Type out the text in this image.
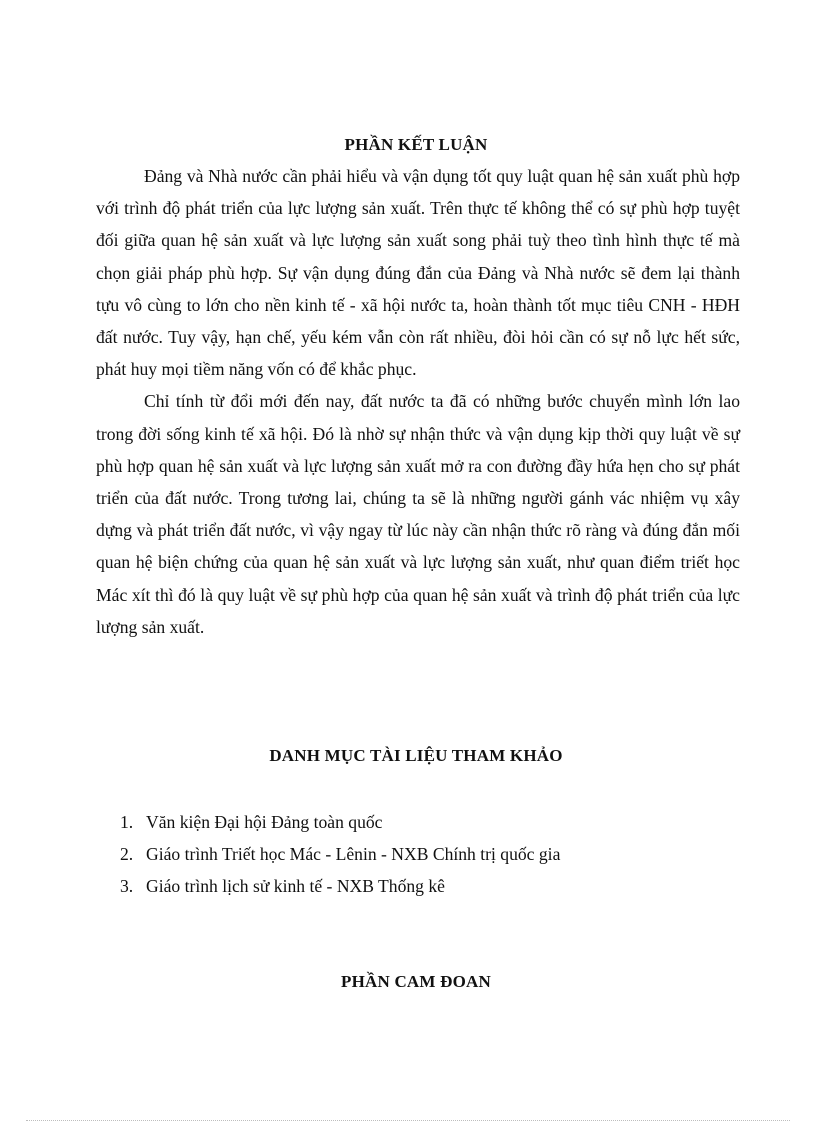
PHẦN KẾT LUẬN

Đảng và Nhà nước cần phải hiểu và vận dụng tốt quy luật quan hệ sản xuất phù hợp với trình độ phát triển của lực lượng sản xuất. Trên thực tế không thể có sự phù hợp tuyệt đối giữa quan hệ sản xuất và lực lượng sản xuất song phải tuỳ theo tình hình thực tế mà chọn giải pháp phù hợp. Sự vận dụng đúng đắn của Đảng và Nhà nước sẽ đem lại thành tựu vô cùng to lớn cho nền kinh tế - xã hội nước ta, hoàn thành tốt mục tiêu CNH - HĐH đất nước. Tuy vậy, hạn chế, yếu kém vẫn còn rất nhiều, đòi hỏi cần có sự nỗ lực hết sức, phát huy mọi tiềm năng vốn có để khắc phục.

Chỉ tính từ đổi mới đến nay, đất nước ta đã có những bước chuyển mình lớn lao trong đời sống kinh tế xã hội. Đó là nhờ sự nhận thức và vận dụng kịp thời quy luật về sự phù hợp quan hệ sản xuất và lực lượng sản xuất mở ra con đường đầy hứa hẹn cho sự phát triển của đất nước. Trong tương lai, chúng ta sẽ là những người gánh vác nhiệm vụ xây dựng và phát triển đất nước, vì vậy ngay từ lúc này cần nhận thức rõ ràng và đúng đắn mối quan hệ biện chứng của quan hệ sản xuất và lực lượng sản xuất, như quan điểm triết học Mác xít thì đó là quy luật về sự phù hợp của quan hệ sản xuất và trình độ phát triển của lực lượng sản xuất.

DANH MỤC TÀI LIỆU THAM KHẢO
1. Văn kiện Đại hội Đảng toàn quốc
2. Giáo trình Triết học Mác - Lênin - NXB Chính trị quốc gia
3. Giáo trình lịch sử kinh tế - NXB Thống kê
PHẦN CAM ĐOAN
